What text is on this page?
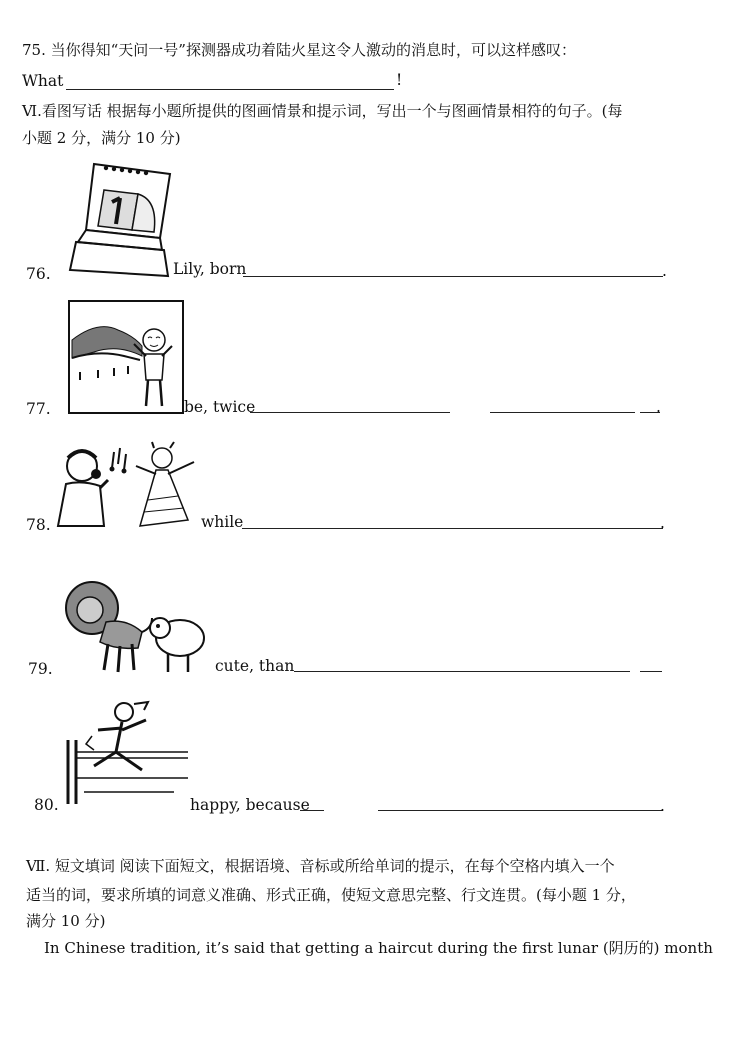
75. 当你得知“天问一号”探测器成功着陆火星这令人激动的消息时，可以这样感叹：
What	!
Ⅵ.看图写话 根据每小题所提供的图画情景和提示词，写出一个与图画情景相符的句子。(每
小题 2 分，满分 10 分)
76.	Lily, born	.
77.	be, twice	.
78.	while	.
79.	cute, than
80.	happy, because	.
Ⅶ. 短文填词 阅读下面短文，根据语境、音标或所给单词的提示，在每个空格内填入一个
适当的词，要求所填的词意义准确、形式正确，使短文意思完整、行文连贯。(每小题 1 分，
满分 10 分)
In Chinese tradition, it’s said that getting a haircut during the first lunar (阴历的) month
